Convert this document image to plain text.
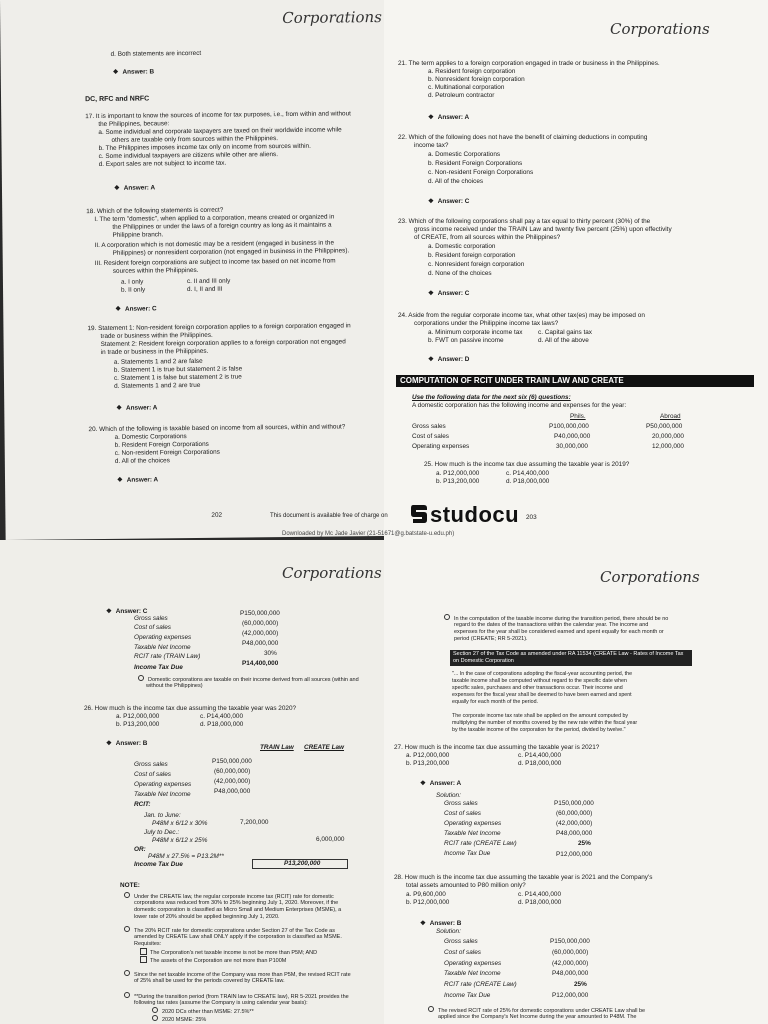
Corporations
d. Both statements are incorrect
❖ Answer: B
DC, RFC and NRFC
17. It is important to know the sources of income for tax purposes, i.e., from within and without
the Philippines, because:
a. Some individual and corporate taxpayers are taxed on their worldwide income while
others are taxable only from sources within the Philippines.
b. The Philippines imposes income tax only on income from sources within.
c. Some individual taxpayers are citizens while other are aliens.
d. Export sales are not subject to income tax.
❖ Answer: A
18. Which of the following statements is correct?
I. The term "domestic", when applied to a corporation, means created or organized in
the Philippines or under the laws of a foreign country as long as it maintains a
Philippine branch.
II. A corporation which is not domestic may be a resident (engaged in business in the
Philippines) or nonresident corporation (not engaged in business in the Philippines).
III. Resident foreign corporations are subject to income tax based on net income from
sources within the Philippines.
a. I only
b. II only
c. II and III only
d. I, II and III
❖ Answer: C
19. Statement 1: Non-resident foreign corporation applies to a foreign corporation engaged in
trade or business within the Philippines.
Statement 2: Resident foreign corporation applies to a foreign corporation not engaged
in trade or business in the Philippines.
a. Statements 1 and 2 are false
b. Statement 1 is true but statement 2 is false
c. Statement 1 is false but statement 2 is true
d. Statements 1 and 2 are true
❖ Answer: A
20. Which of the following is taxable based on income from all sources, within and without?
a. Domestic Corporations
b. Resident Foreign Corporations
c. Non-resident Foreign Corporations
d. All of the choices
❖ Answer: A
202
Corporations
21. The term applies to a foreign corporation engaged in trade or business in the Philippines.
a. Resident foreign corporation
b. Nonresident foreign corporation
c. Multinational corporation
d. Petroleum contractor
❖ Answer: A
22. Which of the following does not have the benefit of claiming deductions in computing
income tax?
a. Domestic Corporations
b. Resident Foreign Corporations
c. Non-resident Foreign Corporations
d. All of the choices
❖ Answer: C
23. Which of the following corporations shall pay a tax equal to thirty percent (30%) of the
gross income received under the TRAIN Law and twenty five percent (25%) upon effectivity
of CREATE, from all sources within the Philippines?
a. Domestic corporation
b. Resident foreign corporation
c. Nonresident foreign corporation
d. None of the choices
❖ Answer: C
24. Aside from the regular corporate income tax, what other tax(es) may be imposed on
corporations under the Philippine income tax laws?
a. Minimum corporate income tax
b. FWT on passive income
c. Capital gains tax
d. All of the above
❖ Answer: D
COMPUTATION OF RCIT UNDER TRAIN LAW AND CREATE
Use the following data for the next six (6) questions:
A domestic corporation has the following income and expenses for the year:
Phils.	Abroad
Gross sales	P100,000,000	P50,000,000
Cost of sales	P40,000,000	20,000,000
Operating expenses	30,000,000	12,000,000
25. How much is the income tax due assuming the taxable year is 2019?
a. P12,000,000
b. P13,200,000
c. P14,400,000
d. P18,000,000
203
This document is available free of charge on studocu
Downloaded by Mc Jade Javier (21-51671@g.batstate-u.edu.ph)
Corporations
❖ Answer: C
Gross sales
P150,000,000
Cost of sales
(60,000,000)
Operating expenses
(42,000,000)
Taxable Net Income
P48,000,000
RCIT rate (TRAIN Law)	30%
Income Tax Due
P14,400,000
Domestic corporations are taxable on their income derived from all sources (within and
without the Philippines)
26. How much is the income tax due assuming the taxable year was 2020?
a. P12,000,000
b. P13,200,000
c. P14,400,000
d. P18,000,000
❖ Answer: B
TRAIN Law CREATE Law
Gross sales	P150,000,000
Cost of sales	(60,000,000)
Operating expenses	(42,000,000)
Taxable Net Income	P48,000,000
RCIT:
Jan. to June:
P48M x 6/12 x 30%	7,200,000
July to Dec.:
P48M x 6/12 x 25%	6,000,000
OR:
P48M x 27.5% = P13.2M**
Income Tax Due	P13,200,000
NOTE:
Under the CREATE law, the regular corporate income tax (RCIT) rate for domestic
corporations was reduced from 30% to 25% beginning July 1, 2020. Moreover, if the
domestic corporation is classified as Micro Small and Medium Enterprises (MSME), a
lower rate of 20% should be applied beginning July 1, 2020.
The 20% RCIT rate for domestic corporations under Section 27 of the Tax Code as
amended by CREATE Law shall ONLY apply if the corporation is classified as MSME.
Requisites:
The Corporation's net taxable income is not be more than P5M; AND
The assets of the Corporation are not more than P100M
Since the net taxable income of the Company was more than P5M, the revised RCIT rate
of 25% shall be used for the periods covered by CREATE law.
**During the transition period (from TRAIN law to CREATE law), RR 5-2021 provides the
following tax rates (assume the Company is using calendar year basis):
2020 DCs other than MSME: 27.5%**
2020 MSME: 25%
Corporations
In the computation of the taxable income during the transition period, there should be no
regard to the dates of the transactions within the calendar year. The income and
expenses for the year shall be considered earned and spent equally for each month or
period (CREATE; RR 5-2021).
Section 27 of the Tax Code as amended under RA 11534 (CREATE Law - Rates of Income Tax on Domestic Corporation
"... In the case of corporations adopting the fiscal-year accounting period, the
taxable income shall be computed without regard to the specific date when
specific sales, purchases and other transactions occur. Their income and
expenses for the fiscal year shall be deemed to have been earned and spent
equally for each month of the period.
The corporate income tax rate shall be applied on the amount computed by
multiplying the number of months covered by the new rate within the fiscal year
by the taxable income of the corporation for the period, divided by twelve."
27. How much is the income tax due assuming the taxable year is 2021?
a. P12,000,000
b. P13,200,000
c. P14,400,000
d. P18,000,000
❖ Answer: A
Solution:
Gross sales	P150,000,000
Cost of sales	(60,000,000)
Operating expenses	(42,000,000)
Taxable Net Income	P48,000,000
RCIT rate (CREATE Law)	25%
Income Tax Due	P12,000,000
28. How much is the income tax due assuming the taxable year is 2021 and the Company's
total assets amounted to P80 million only?
a. P9,600,000
b. P12,000,000
c. P14,400,000
d. P18,000,000
❖ Answer: B
Solution:
Gross sales	P150,000,000
Cost of sales	(60,000,000)
Operating expenses	(42,000,000)
Taxable Net Income	P48,000,000
RCIT rate (CREATE Law)	25%
Income Tax Due	P12,000,000
The revised RCIT rate of 25% for domestic corporations under CREATE Law shall be
applied since the Company's Net Income during the year amounted to P48M. The
